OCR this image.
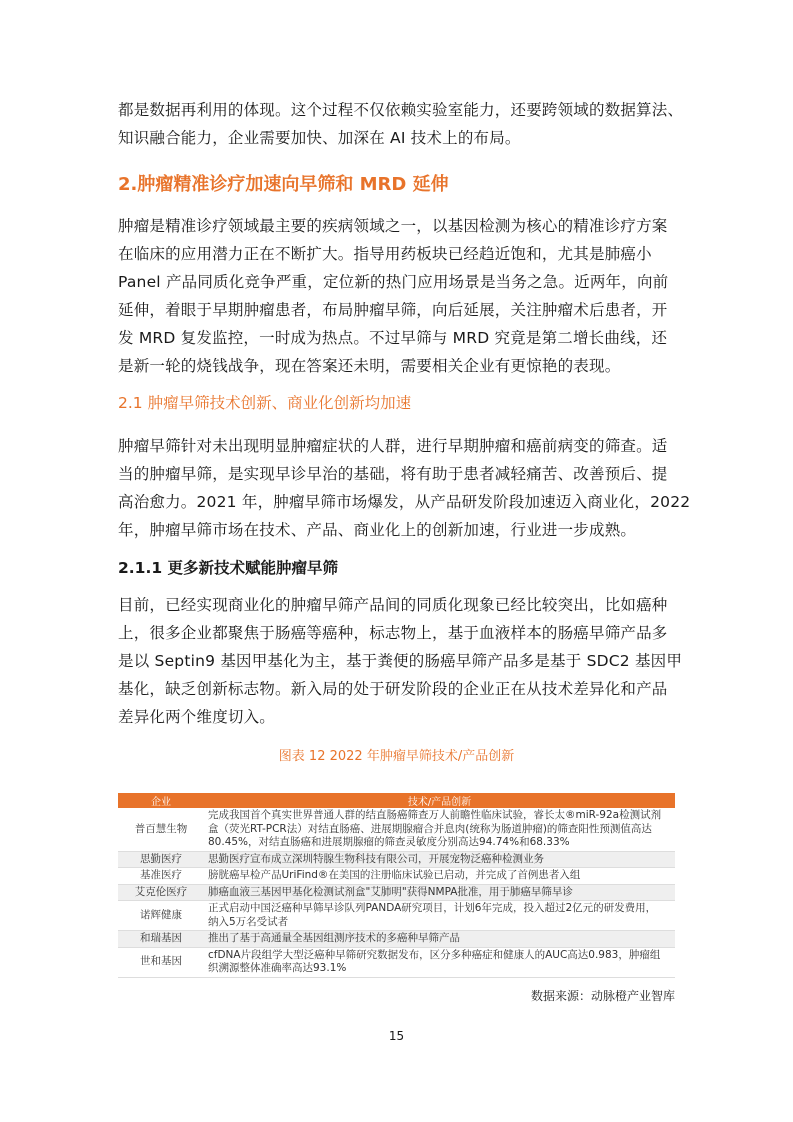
都是数据再利用的体现。这个过程不仅依赖实验室能力，还要跨领域的数据算法、
知识融合能力，企业需要加快、加深在 AI 技术上的布局。
2.肿瘤精准诊疗加速向早筛和 MRD 延伸
肿瘤是精准诊疗领域最主要的疾病领域之一，以基因检测为核心的精准诊疗方案
在临床的应用潜力正在不断扩大。指导用药板块已经趋近饱和，尤其是肺癌小
Panel 产品同质化竞争严重，定位新的热门应用场景是当务之急。近两年，向前
延伸，着眼于早期肿瘤患者，布局肿瘤早筛，向后延展，关注肿瘤术后患者，开
发 MRD 复发监控，一时成为热点。不过早筛与 MRD 究竟是第二增长曲线，还
是新一轮的烧钱战争，现在答案还未明，需要相关企业有更惊艳的表现。
2.1 肿瘤早筛技术创新、商业化创新均加速
肿瘤早筛针对未出现明显肿瘤症状的人群，进行早期肿瘤和癌前病变的筛查。适
当的肿瘤早筛，是实现早诊早治的基础，将有助于患者减轻痛苦、改善预后、提
高治愈力。2021 年，肿瘤早筛市场爆发，从产品研发阶段加速迈入商业化，2022
年，肿瘤早筛市场在技术、产品、商业化上的创新加速，行业进一步成熟。
2.1.1 更多新技术赋能肿瘤早筛
目前，已经实现商业化的肿瘤早筛产品间的同质化现象已经比较突出，比如癌种
上，很多企业都聚焦于肠癌等癌种，标志物上，基于血液样本的肠癌早筛产品多
是以 Septin9 基因甲基化为主，基于粪便的肠癌早筛产品多是基于 SDC2 基因甲
基化，缺乏创新标志物。新入局的处于研发阶段的企业正在从技术差异化和产品
差异化两个维度切入。
图表 12 2022 年肿瘤早筛技术/产品创新
企业	技术/产品创新
普百慧生物	完成我国首个真实世界普通人群的结直肠癌筛查万人前瞻性临床试验，睿长太®miR-92a检测试剂
盒（荧光RT-PCR法）对结直肠癌、进展期腺瘤合并息肉(统称为肠道肿瘤)的筛查阳性预测值高达
80.45%，对结直肠癌和进展期腺瘤的筛查灵敏度分别高达94.74%和68.33%

思勤医疗	思勤医疗宣布成立深圳特腺生物科技有限公司，开展宠物泛癌种检测业务

基准医疗	膀胱癌早检产品UriFind®在美国的注册临床试验已启动，并完成了首例患者入组

艾克伦医疗	肺癌血液三基因甲基化检测试剂盒"艾肺明"获得NMPA批准，用于肺癌早筛早诊

诺辉健康	正式启动中国泛癌种早筛早诊队列PANDA研究项目，计划6年完成，投入超过2亿元的研发费用，
纳入5万名受试者

和瑞基因	推出了基于高通量全基因组测序技术的多癌种早筛产品

世和基因	cfDNA片段组学大型泛癌种早筛研究数据发布，区分多种癌症和健康人的AUC高达0.983，肿瘤组
织溯源整体准确率高达93.1%
数据来源：动脉橙产业智库
15
